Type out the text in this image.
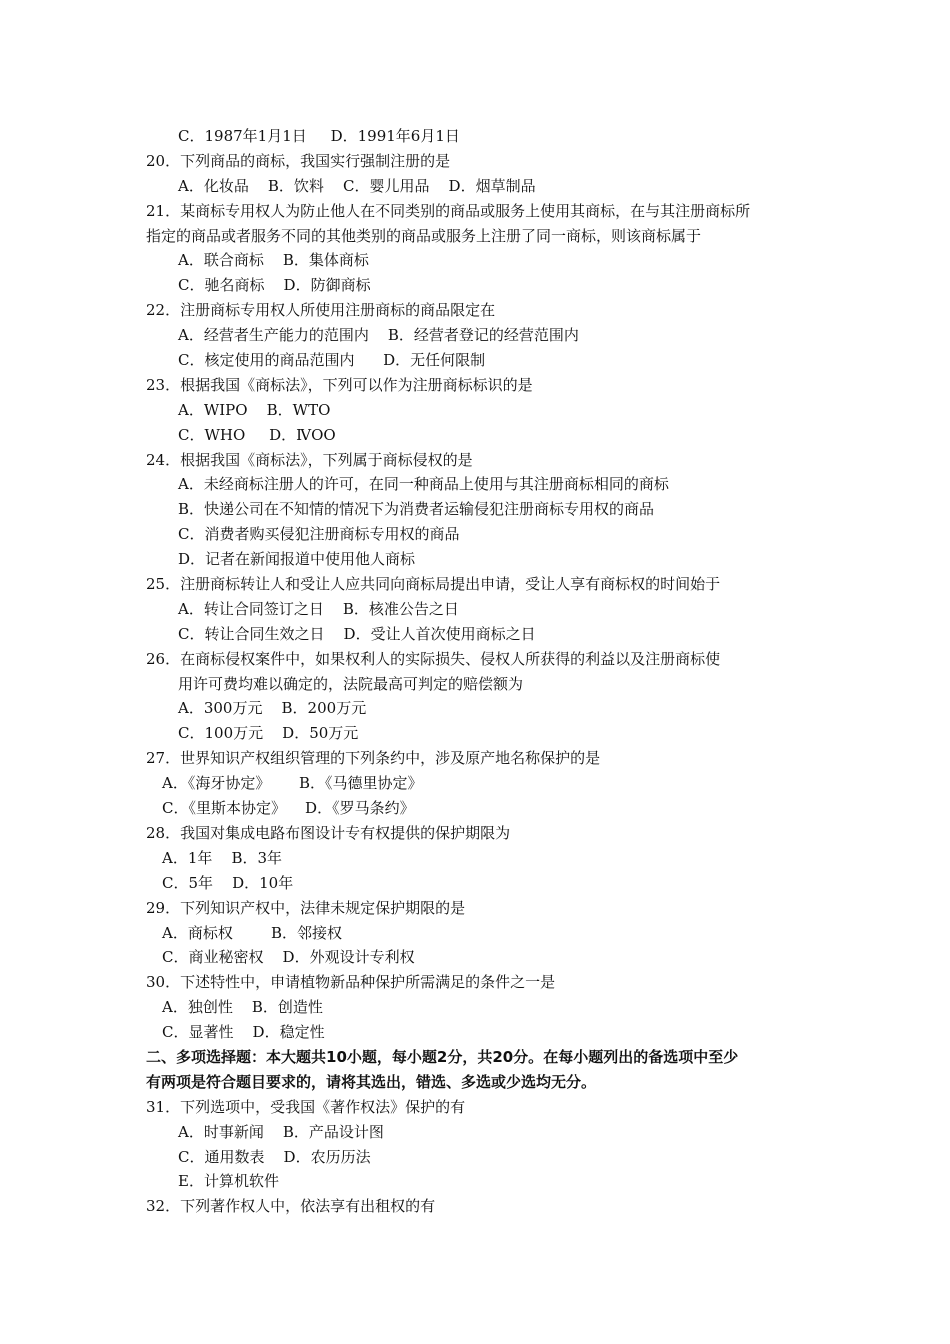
C．1987年1月1日     D．1991年6月1日
20．下列商品的商标，我国实行强制注册的是
A．化妆品    B．饮料    C．婴儿用品    D．烟草制品
21．某商标专用权人为防止他人在不同类别的商品或服务上使用其商标，在与其注册商标所
指定的商品或者服务不同的其他类别的商品或服务上注册了同一商标，则该商标属于
A．联合商标    B．集体商标
C．驰名商标    D．防御商标
22．注册商标专用权人所使用注册商标的商品限定在
A．经营者生产能力的范围内    B．经营者登记的经营范围内
C．核定使用的商品范围内      D．无任何限制
23．根据我国《商标法》，下列可以作为注册商标标识的是
A．WIPO    B．WTO
C．WHO     D．ⅣOO
24．根据我国《商标法》，下列属于商标侵权的是
A．未经商标注册人的许可，在同一种商品上使用与其注册商标相同的商标
B．快递公司在不知情的情况下为消费者运输侵犯注册商标专用权的商品
C．消费者购买侵犯注册商标专用权的商品
D．记者在新闻报道中使用他人商标
25．注册商标转让人和受让人应共同向商标局提出申请，受让人享有商标权的时间始于
A．转让合同签订之日    B．核准公告之日
C．转让合同生效之日    D．受让人首次使用商标之日
26．在商标侵权案件中，如果权利人的实际损失、侵权人所获得的利益以及注册商标使
用许可费均难以确定的，法院最高可判定的赔偿额为
A．300万元    B．200万元
C．100万元    D．50万元
27．世界知识产权组织管理的下列条约中，涉及原产地名称保护的是
A．《海牙协定》      B．《马德里协定》
C．《里斯本协定》    D．《罗马条约》
28．我国对集成电路布图设计专有权提供的保护期限为
A．1年    B．3年
C．5年    D．10年
29．下列知识产权中，法律未规定保护期限的是
A．商标权        B．邻接权
C．商业秘密权    D．外观设计专利权
30．下述特性中，申请植物新品种保护所需满足的条件之一是
A．独创性    B．创造性
C．显著性    D．稳定性
二、多项选择题：本大题共10小题，每小题2分，共20分。在每小题列出的备选项中至少
有两项是符合题目要求的，请将其选出，错选、多选或少选均无分。
31．下列选项中，受我国《著作权法》保护的有
A．时事新闻    B．产品设计图
C．通用数表    D．农历历法
E．计算机软件
32．下列著作权人中，依法享有出租权的有
